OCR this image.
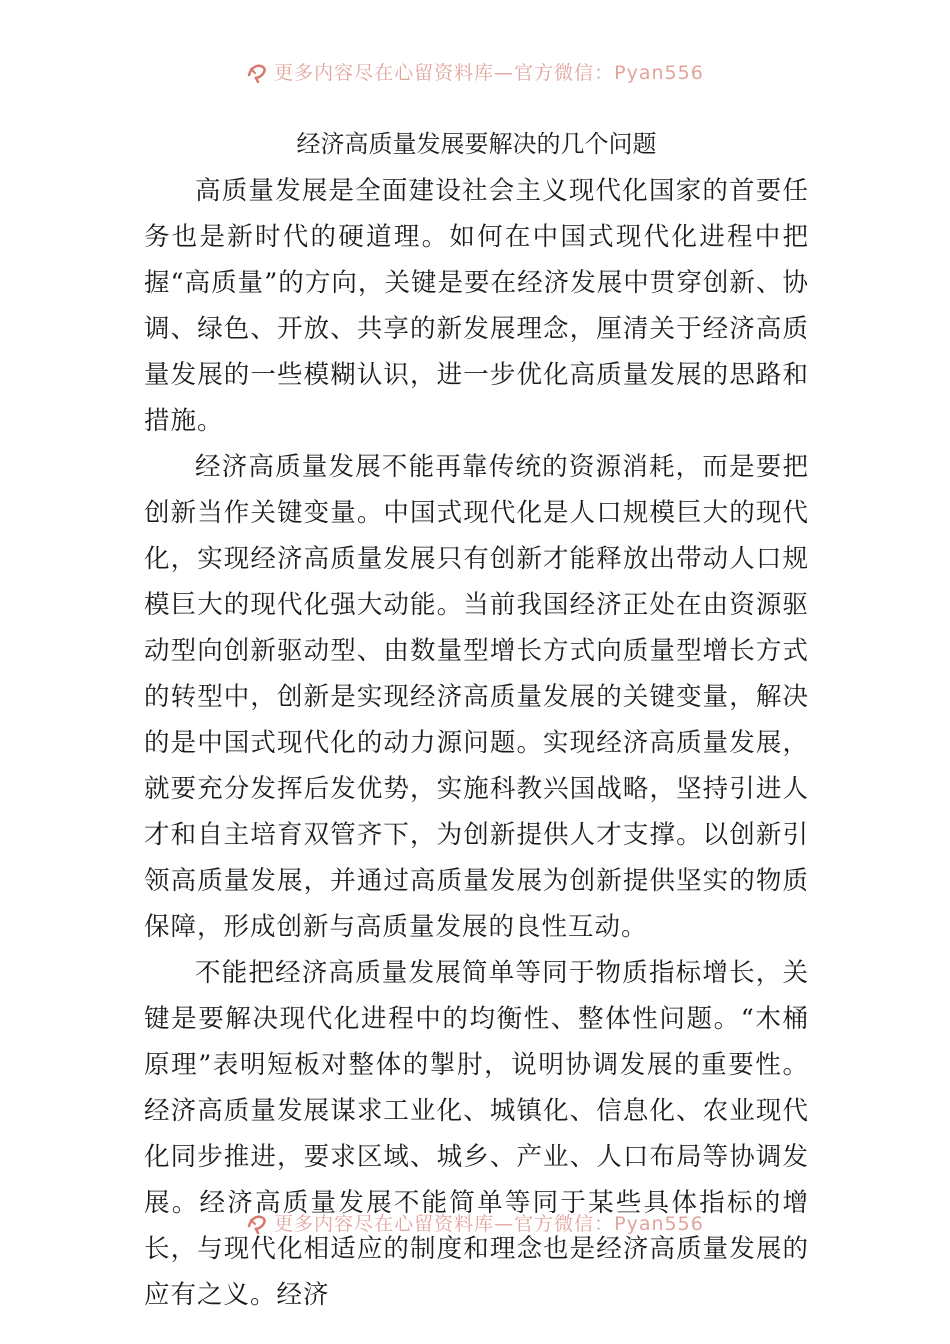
更多内容尽在心留资料库—官方微信：Pyan556
经济高质量发展要解决的几个问题

高质量发展是全面建设社会主义现代化国家的首要任务也是新时代的硬道理。如何在中国式现代化进程中把握“高质量”的方向，关键是要在经济发展中贯穿创新、协调、绿色、开放、共享的新发展理念，厘清关于经济高质量发展的一些模糊认识，进一步优化高质量发展的思路和措施。

经济高质量发展不能再靠传统的资源消耗，而是要把创新当作关键变量。中国式现代化是人口规模巨大的现代化，实现经济高质量发展只有创新才能释放出带动人口规模巨大的现代化强大动能。当前我国经济正处在由资源驱动型向创新驱动型、由数量型增长方式向质量型增长方式的转型中，创新是实现经济高质量发展的关键变量，解决的是中国式现代化的动力源问题。实现经济高质量发展，就要充分发挥后发优势，实施科教兴国战略，坚持引进人才和自主培育双管齐下，为创新提供人才支撑。以创新引领高质量发展，并通过高质量发展为创新提供坚实的物质保障，形成创新与高质量发展的良性互动。

不能把经济高质量发展简单等同于物质指标增长，关键是要解决现代化进程中的均衡性、整体性问题。“木桶原理”表明短板对整体的掣肘，说明协调发展的重要性。经济高质量发展谋求工业化、城镇化、信息化、农业现代化同步推进，要求区域、城乡、产业、人口布局等协调发展。经济高质量发展不能简单等同于某些具体指标的增长，与现代化相适应的制度和理念也是经济高质量发展的应有之义。经济

更多内容尽在心留资料库—官方微信：Pyan556
